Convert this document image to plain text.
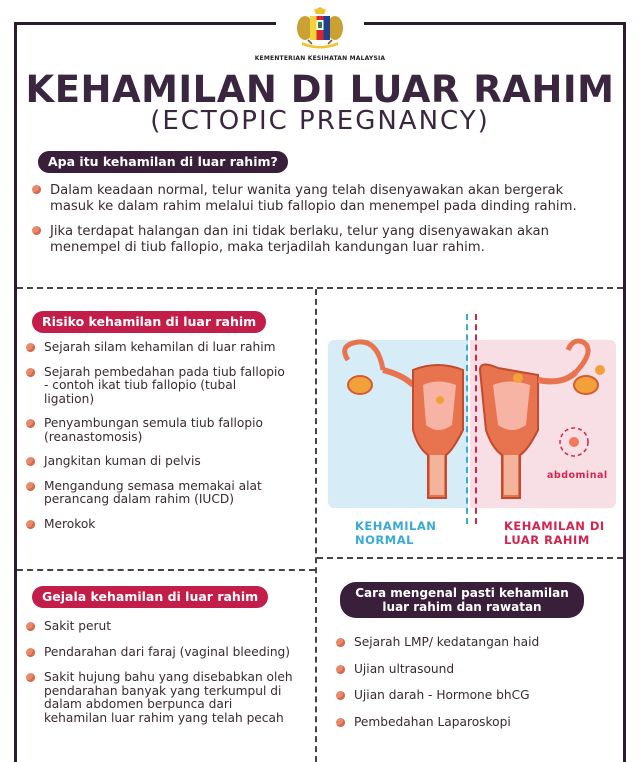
KEMENTERIAN KESIHATAN MALAYSIA
KEHAMILAN DI LUAR RAHIM
(ECTOPIC PREGNANCY)
Apa itu kehamilan di luar rahim?
Dalam keadaan normal, telur wanita yang telah disenyawakan akan bergerak masuk ke dalam rahim melalui tiub fallopio dan menempel pada dinding rahim.
Jika terdapat halangan dan ini tidak berlaku, telur yang disenyawakan akan menempel di tiub fallopio, maka terjadilah kandungan luar rahim.
Risiko kehamilan di luar rahim
Sejarah silam kehamilan di luar rahim
Sejarah pembedahan pada tiub fallopio - contoh ikat tiub fallopio (tubal ligation)
Penyambungan semula tiub fallopio (reanastomosis)
Jangkitan kuman di pelvis
Mengandung semasa memakai alat perancang dalam rahim (IUCD)
Merokok
abdominal
KEHAMILAN NORMAL
KEHAMILAN DI LUAR RAHIM
Gejala kehamilan di luar rahim
Sakit perut
Pendarahan dari faraj (vaginal bleeding)
Sakit hujung bahu yang disebabkan oleh pendarahan banyak yang terkumpul di dalam abdomen berpunca dari kehamilan luar rahim yang telah pecah
Cara mengenal pasti kehamilan luar rahim dan rawatan
Sejarah LMP/ kedatangan haid
Ujian ultrasound
Ujian darah - Hormone bhCG
Pembedahan Laparoskopi
